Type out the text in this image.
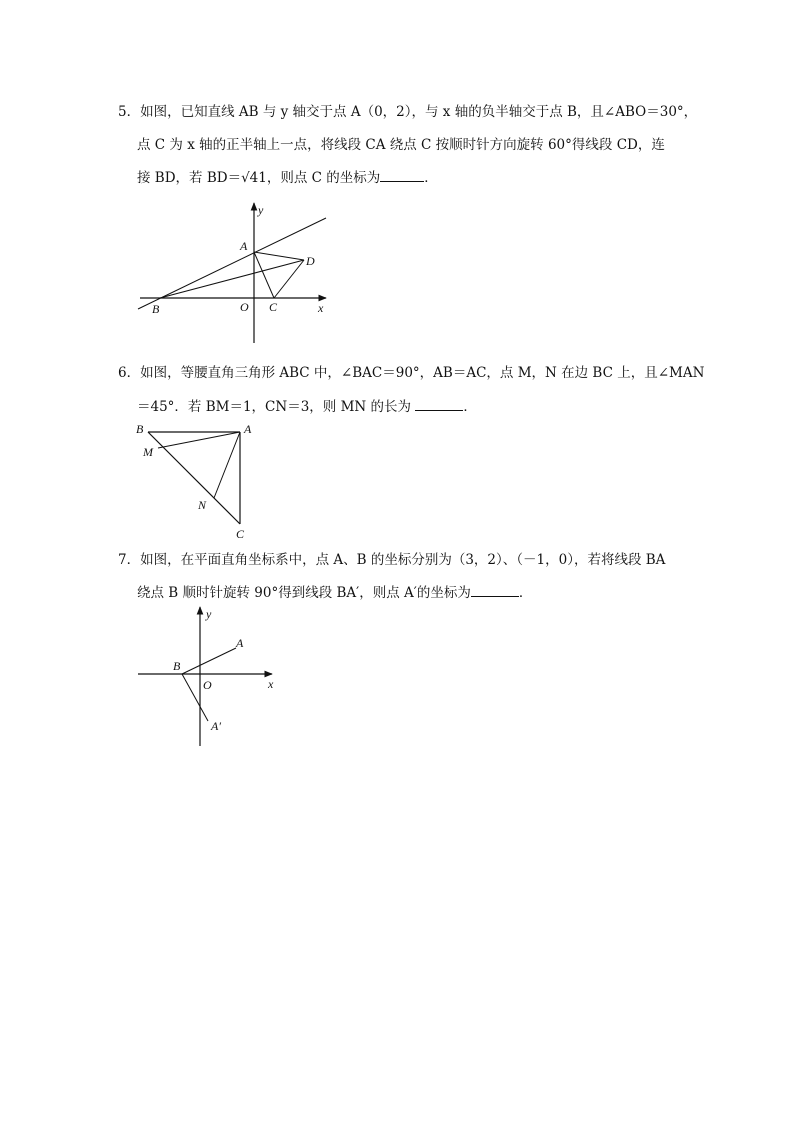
5．如图，已知直线 AB 与 y 轴交于点 A（0，2），与 x 轴的负半轴交于点 B，且∠ABO＝30°，
点 C 为 x 轴的正半轴上一点，将线段 CA 绕点 C 按顺时针方向旋转 60°得线段 CD，连
接 BD，若 BD＝√41，则点 C 的坐标为	．
y
A
D
B	O C	x
6．如图，等腰直角三角形 ABC 中，∠BAC＝90°，AB＝AC，点 M，N 在边 BC 上，且∠MAN
＝45°．若 BM＝1，CN＝3，则 MN 的长为	．
B	A
M
N
C
7．如图，在平面直角坐标系中，点 A、B 的坐标分别为（3，2）、（－1，0），若将线段 BA
绕点 B 顺时针旋转 90°得到线段 BA′，则点 A′的坐标为	．
y
A
B
O	x
A′
